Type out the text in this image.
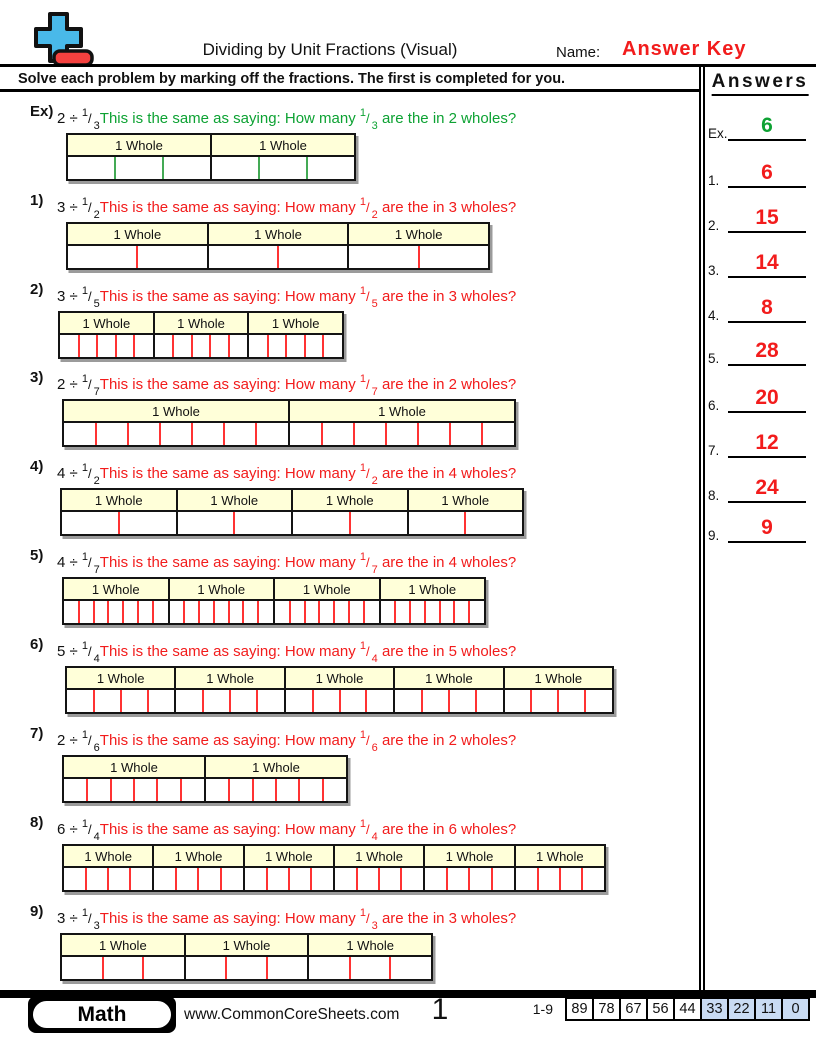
Dividing by Unit Fractions (Visual)	Name: Answer Key
Solve each problem by marking off the fractions. The first is completed for you.
Ex) 2 ÷ $^1$/ $_3$This is the same as saying: How many $^1$/ $_3$ are the in 2 wholes?
1 Whole	1 Whole
1) 3 ÷ $^1$/ $_2$This is the same as saying: How many $^1$/ $_2$ are the in 3 wholes?
1 Whole	1 Whole	1 Whole
2) 3 ÷ $^1$/ $_5$This is the same as saying: How many $^1$/ $_5$ are the in 3 wholes?
1 Whole	1 Whole	1 Whole
3) 2 ÷ $^1$/ $_7$This is the same as saying: How many $^1$/ $_7$ are the in 2 wholes?
1 Whole	1 Whole
4) 4 ÷ $^1$/ $_2$This is the same as saying: How many $^1$/ $_2$ are the in 4 wholes?
1 Whole	1 Whole	1 Whole	1 Whole
5) 4 ÷ $^1$/ $_7$This is the same as saying: How many $^1$/ $_7$ are the in 4 wholes?
1 Whole	1 Whole	1 Whole	1 Whole
6) 5 ÷ $^1$/ $_4$This is the same as saying: How many $^1$/ $_4$ are the in 5 wholes?
1 Whole	1 Whole	1 Whole	1 Whole	1 Whole
7) 2 ÷ $^1$/ $_6$This is the same as saying: How many $^1$/ $_6$ are the in 2 wholes?
1 Whole	1 Whole
8) 6 ÷ $^1$/ $_4$This is the same as saying: How many $^1$/ $_4$ are the in 6 wholes?
1 Whole	1 Whole	1 Whole	1 Whole	1 Whole	1 Whole
9) 3 ÷ $^1$/ $_3$This is the same as saying: How many $^1$/ $_3$ are the in 3 wholes?
1 Whole	1 Whole	1 Whole
Answers
Ex.	6
1.	6
2.	15
3.	14
4.	8
5.	28
6.	20
7.	12
8.	24
9.	9
Math	www.CommonCoreSheets.com	1	1-9	89 78 67 56 44 33 22 11	0
